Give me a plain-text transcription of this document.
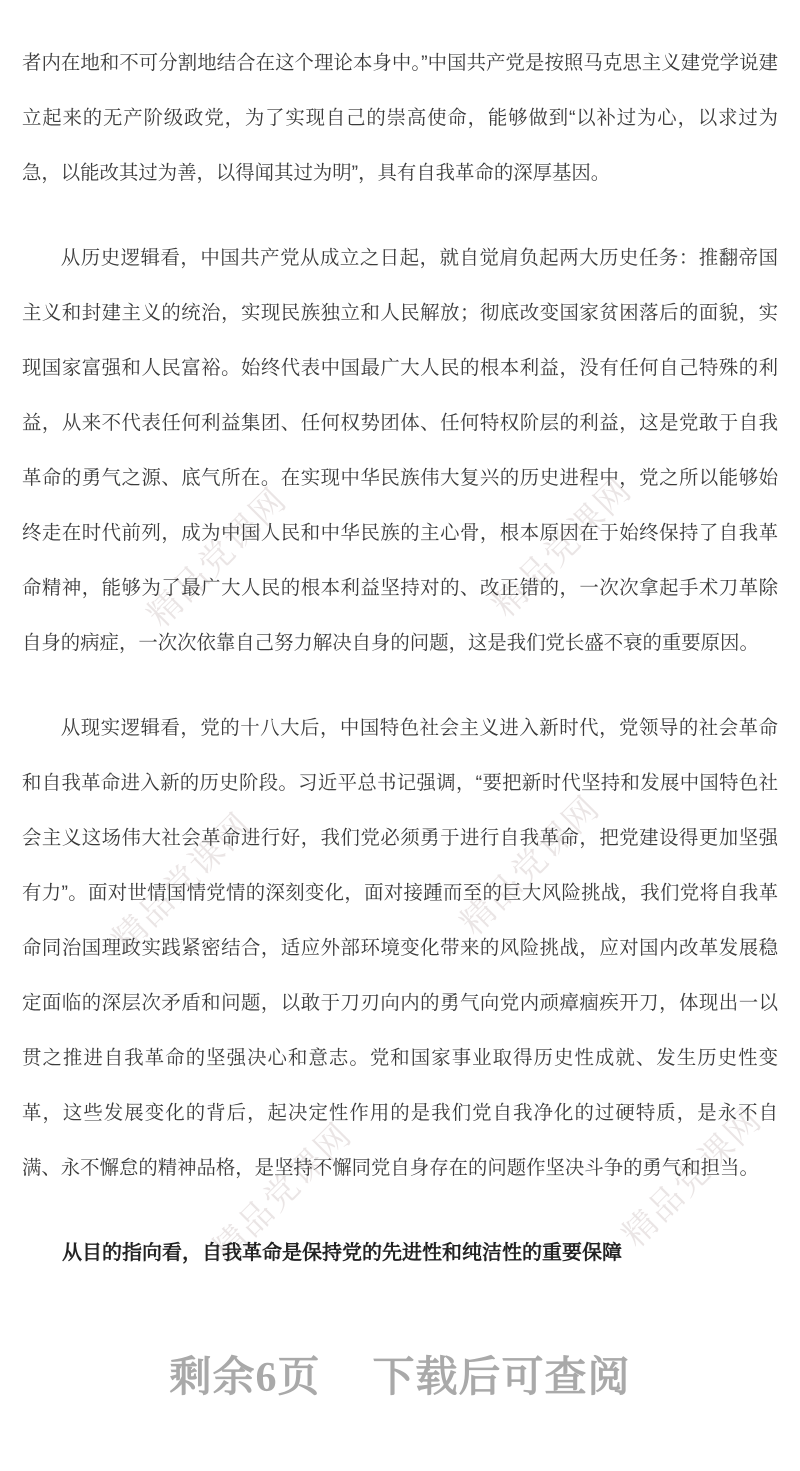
精品党课网	精品党课网
精品党课网	精品党课网
精品党课网	精品党课网

者内在地和不可分割地结合在这个理论本身中。”中国共产党是按照马克思主义建党学说建立起来的无产阶级政党，为了实现自己的崇高使命，能够做到“以补过为心，以求过为急，以能改其过为善，以得闻其过为明”，具有自我革命的深厚基因。

从历史逻辑看，中国共产党从成立之日起，就自觉肩负起两大历史任务：推翻帝国主义和封建主义的统治，实现民族独立和人民解放；彻底改变国家贫困落后的面貌，实现国家富强和人民富裕。始终代表中国最广大人民的根本利益，没有任何自己特殊的利益，从来不代表任何利益集团、任何权势团体、任何特权阶层的利益，这是党敢于自我革命的勇气之源、底气所在。在实现中华民族伟大复兴的历史进程中，党之所以能够始终走在时代前列，成为中国人民和中华民族的主心骨，根本原因在于始终保持了自我革命精神，能够为了最广大人民的根本利益坚持对的、改正错的，一次次拿起手术刀革除自身的病症，一次次依靠自己努力解决自身的问题，这是我们党长盛不衰的重要原因。

从现实逻辑看，党的十八大后，中国特色社会主义进入新时代，党领导的社会革命和自我革命进入新的历史阶段。习近平总书记强调，“要把新时代坚持和发展中国特色社会主义这场伟大社会革命进行好，我们党必须勇于进行自我革命，把党建设得更加坚强有力”。面对世情国情党情的深刻变化，面对接踵而至的巨大风险挑战，我们党将自我革命同治国理政实践紧密结合，适应外部环境变化带来的风险挑战，应对国内改革发展稳定面临的深层次矛盾和问题，以敢于刀刃向内的勇气向党内顽瘴痼疾开刀，体现出一以贯之推进自我革命的坚强决心和意志。党和国家事业取得历史性成就、发生历史性变革，这些发展变化的背后，起决定性作用的是我们党自我净化的过硬特质，是永不自满、永不懈怠的精神品格，是坚持不懈同党自身存在的问题作坚决斗争的勇气和担当。

从目的指向看，自我革命是保持党的先进性和纯洁性的重要保障
剩余6页 下载后可查阅
